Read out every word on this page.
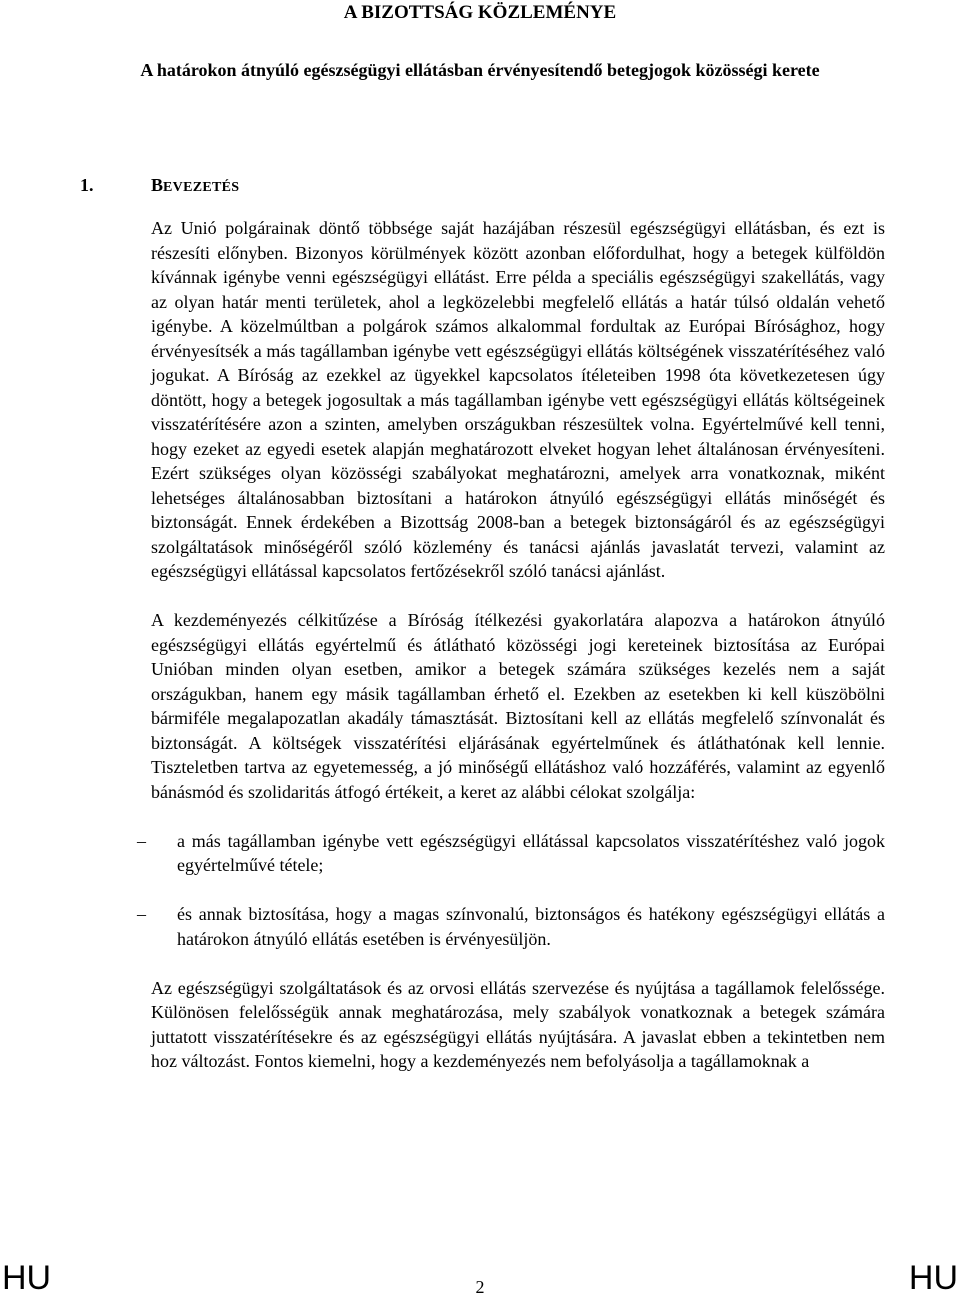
A BIZOTTSÁG KÖZLEMÉNYE
A határokon átnyúló egészségügyi ellátásban érvényesítendő betegjogok közösségi kerete
1.	BEVEZETÉS

Az Unió polgárainak döntő többsége saját hazájában részesül egészségügyi ellátásban, és ezt is részesíti előnyben. Bizonyos körülmények között azonban előfordulhat, hogy a betegek külföldön kívánnak igénybe venni egészségügyi ellátást. Erre példa a speciális egészségügyi szakellátás, vagy az olyan határ menti területek, ahol a legközelebbi megfelelő ellátás a határ túlsó oldalán vehető igénybe. A közelmúltban a polgárok számos alkalommal fordultak az Európai Bírósághoz, hogy érvényesítsék a más tagállamban igénybe vett egészségügyi ellátás költségének visszatérítéséhez való jogukat. A Bíróság az ezekkel az ügyekkel kapcsolatos ítéleteiben 1998 óta következetesen úgy döntött, hogy a betegek jogosultak a más tagállamban igénybe vett egészségügyi ellátás költségeinek visszatérítésére azon a szinten, amelyben országukban részesültek volna. Egyértelművé kell tenni, hogy ezeket az egyedi esetek alapján meghatározott elveket hogyan lehet általánosan érvényesíteni. Ezért szükséges olyan közösségi szabályokat meghatározni, amelyek arra vonatkoznak, miként lehetséges általánosabban biztosítani a határokon átnyúló egészségügyi ellátás minőségét és biztonságát. Ennek érdekében a Bizottság 2008-ban a betegek biztonságáról és az egészségügyi szolgáltatások minőségéről szóló közlemény és tanácsi ajánlás javaslatát tervezi, valamint az egészségügyi ellátással kapcsolatos fertőzésekről szóló tanácsi ajánlást.

A kezdeményezés célkitűzése a Bíróság ítélkezési gyakorlatára alapozva a határokon átnyúló egészségügyi ellátás egyértelmű és átlátható közösségi jogi kereteinek biztosítása az Európai Unióban minden olyan esetben, amikor a betegek számára szükséges kezelés nem a saját országukban, hanem egy másik tagállamban érhető el. Ezekben az esetekben ki kell küszöbölni bármiféle megalapozatlan akadály támasztását. Biztosítani kell az ellátás megfelelő színvonalát és biztonságát. A költségek visszatérítési eljárásának egyértelműnek és átláthatónak kell lennie. Tiszteletben tartva az egyetemesség, a jó minőségű ellátáshoz való hozzáférés, valamint az egyenlő bánásmód és szolidaritás átfogó értékeit, a keret az alábbi célokat szolgálja:

–	a más tagállamban igénybe vett egészségügyi ellátással kapcsolatos visszatérítéshez való jogok egyértelművé tétele;
–	és annak biztosítása, hogy a magas színvonalú, biztonságos és hatékony egészségügyi ellátás a határokon átnyúló ellátás esetében is érvényesüljön.

Az egészségügyi szolgáltatások és az orvosi ellátás szervezése és nyújtása a tagállamok felelőssége. Különösen felelősségük annak meghatározása, mely szabályok vonatkoznak a betegek számára juttatott visszatérítésekre és az egészségügyi ellátás nyújtására. A javaslat ebben a tekintetben nem hoz változást. Fontos kiemelni, hogy a kezdeményezés nem befolyásolja a tagállamoknak a

HU	2	HU
